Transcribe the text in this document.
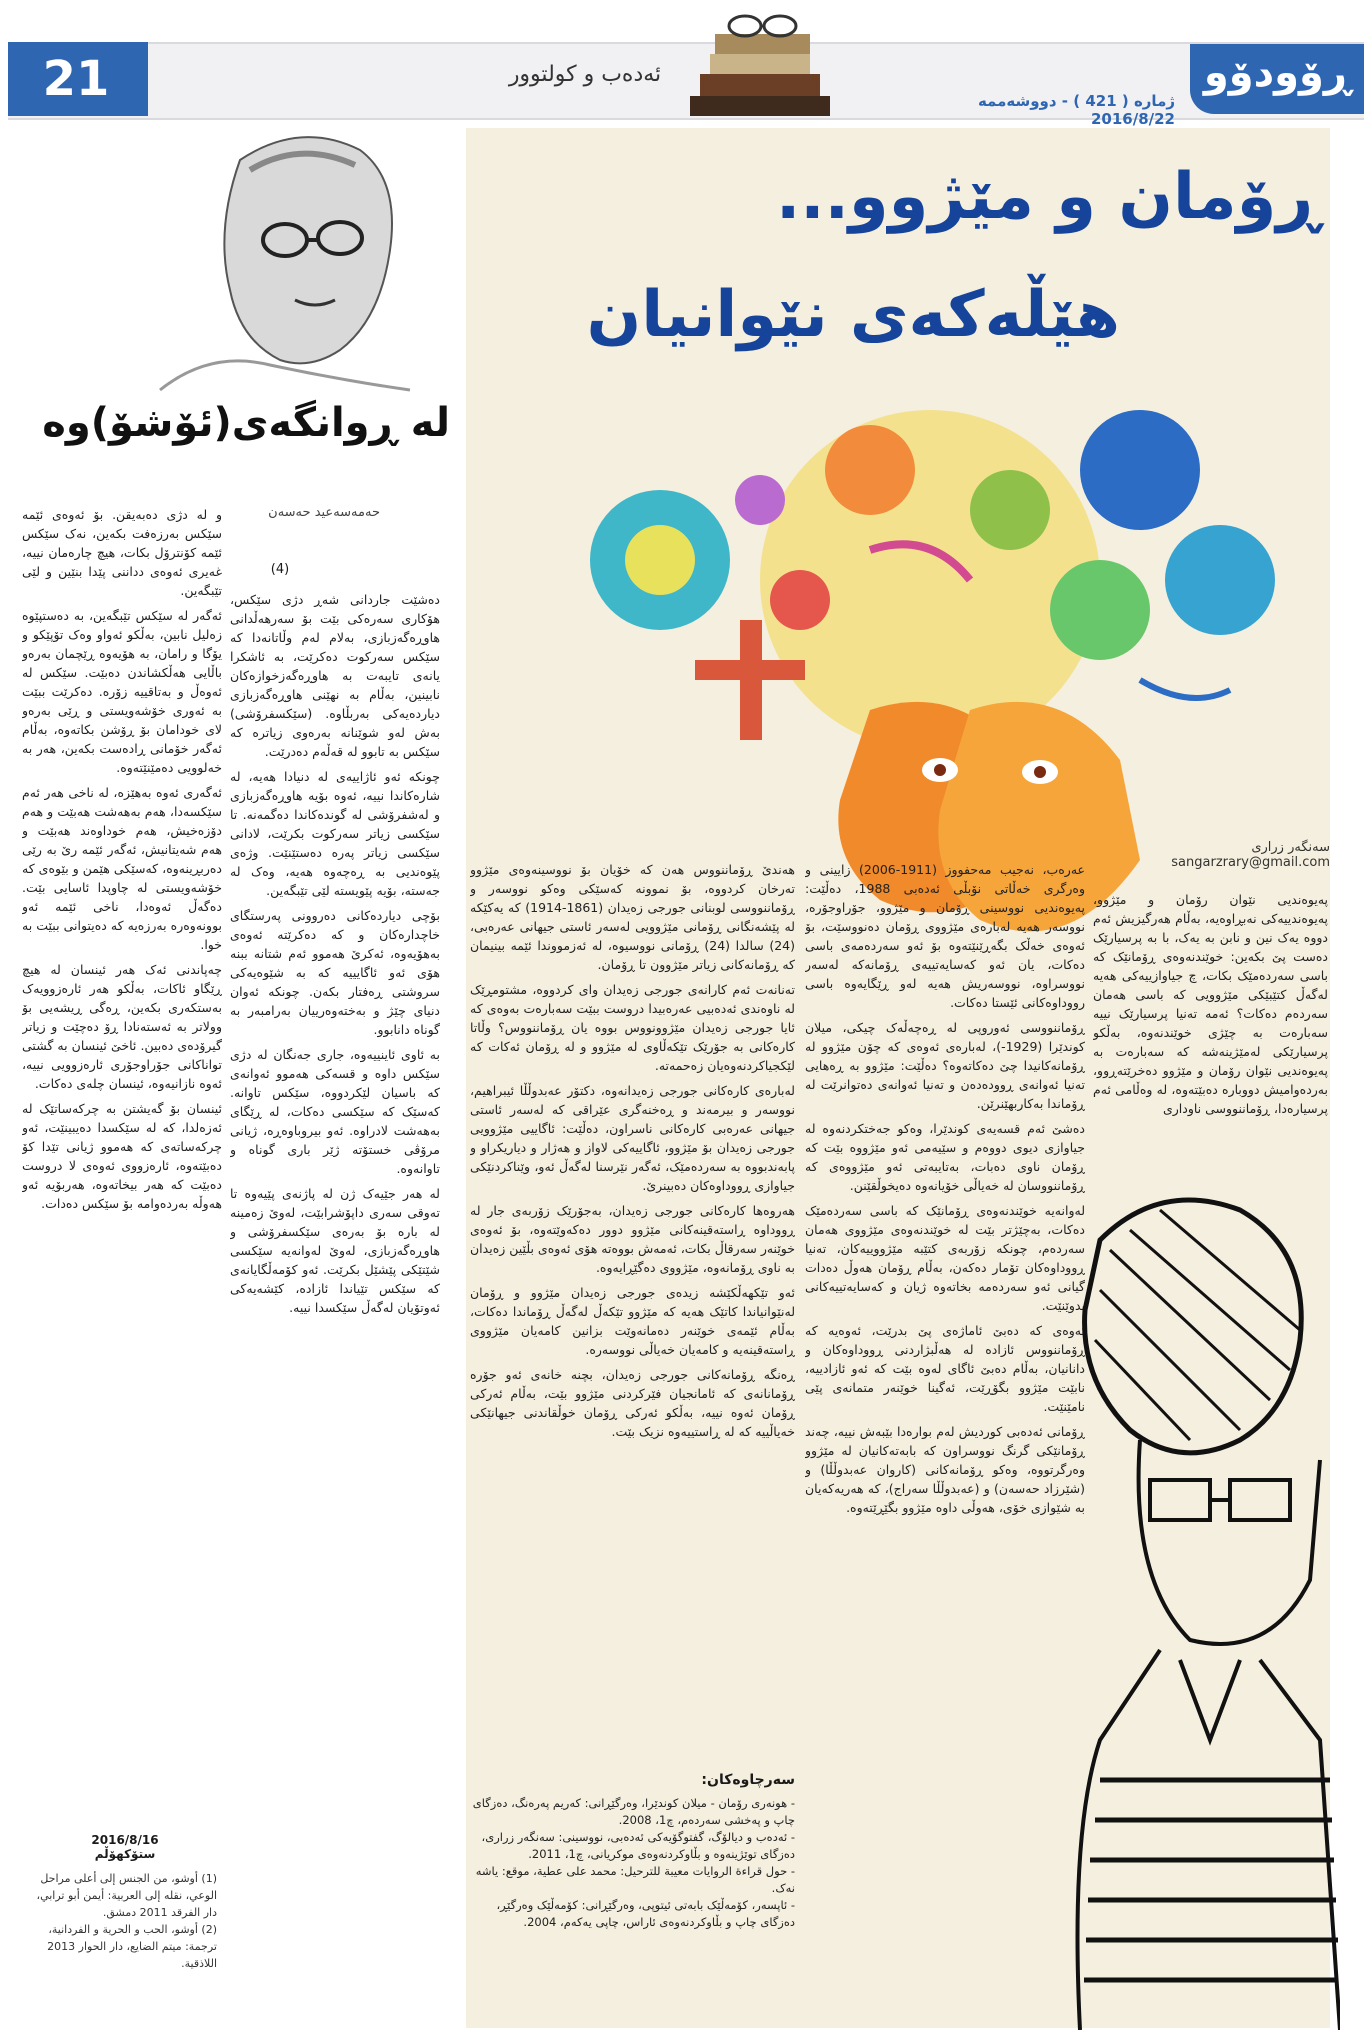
21	ئەدەب و کولتوور	ڕۆودۆو
ژمارە ( 421 ) - دووشەممە 2016/8/22
لە ڕوانگەی(ئۆشۆ)وە
حەمەسەعید حەسەن
(4)

و لە دژی دەبەیقن. بۆ ئەوەی ئێمە سێکس بەرزەفت بکەین، نەک سێکس ئێمە کۆنترۆل بکات، هیچ چارەمان نییە، غەیری ئەوەی دداننی پێدا بنێین و لێی تێبگەین.

ئەگەر لە سێکس تێبگەین، بە دەستپێوە زەلیل نابین، بەڵکو ئەواو وەک تۆپێکو و یۆگا و رامان، بە هۆیەوە ڕێچمان بەرەو باڵایی هەڵکشاندن دەبێت. سێکس لە ئەوەڵ و بەتاقییە زۆرە. دەکرێت ببێت بە ئەوری خۆشەویستی و ڕێی بەرەو لای خودامان بۆ ڕۆشن بکاتەوە، بەڵام ئەگەر خۆمانی ڕادەست بکەین، هەر بە خەلوویی دەمێنێتەوە.

ئەگەری ئەوە بەهێزە، لە ناخی هەر ئەم سێکسەدا، هەم بەهەشت هەبێت و هەم دۆزەخیش، هەم خوداوەند هەبێت و هەم شەیتانیش، ئەگەر ئێمە رێ بە رێی دەربڕینەوە، کەسێکی هێمن و بێوەی کە خۆشەویستی لە چاوپدا ئاسایی بێت. دەگەڵ ئەوەدا، ناخی ئێمە ئەو بوونەوەرە بەرزەیە کە دەیتوانی ببێت بە خوا.

چەپاندنی ئەک هەر ئینسان لە هیچ ڕێگاو ئاکات، بەڵکو هەر ئارەزوویەک بەستکەری بکەین، ڕەگی ڕیشەیی بۆ وولاتر بە ئەستەنادا ڕۆ دەچێت و زیاتر گیرۆدەی دەبین. ئاخێ ئینسان بە گشتی تواناکانی جۆراوجۆری ئارەزوویی نییە، ئەوە نازانیەوە، ئینسان چلەی دەکات.

ئینسان بۆ گەیشتن بە چرکەساتێک لە ئەزەلدا، کە لە سێکسدا دەیبینێت، ئەو چرکەساتەی کە هەموو ژیانی تێدا کۆ دەبێتەوە، ئارەزووی ئەوەی لا دروست دەبێت کە هەر بیخاتەوە، هەربۆیە ئەو هەوڵە بەردەوامە بۆ سێکس دەدات.

دەشێت جاردانی شەڕ دژی سێکس، هۆکاری سەرەکی بێت بۆ سەرهەڵدانی هاوڕەگەزبازی، بەلام لەم وڵاتانەدا کە سێکس سەرکوت دەکرێت، بە ئاشکرا یانەی تایبەت بە هاوڕەگەزخوازەکان نابینین، بەڵام بە نهێنی هاوڕەگەزبازی دیاردەیەکی بەربڵاوە. (سێکسفرۆشی) بەش لەو شوێنانە بەرەوی زیاترە کە سێکس بە تابوو لە قەڵەم دەدرێت.

چونکە ئەو ئاژاییەی لە دنیادا هەیە، لە شارەکاندا نییە، ئەوە بۆیە هاوڕەگەزبازی و لەشفرۆشی لە گوندەکاندا دەگمەنە. تا سێکسی زیاتر سەرکوت بکرێت، لادانی سێکسی زیاتر پەرە دەستێنێت. وژەی پێوەندیی بە ڕەچەوە هەیە، وەک لە جەستە، بۆیە پێویستە لێی تێبگەین.

بۆچی دیاردەکانی دەروونی پەرستگای خاچدارەکان و کە دەکرێتە ئەوەی بەهۆیەوە، ئەکرێ هەموو ئەم شتانە ببنە هۆی ئەو ئاگایییە کە بە شێوەیەکی سروشتی ڕەفتار بکەن. چونکە ئەوان دنیای چێژ و بەختەوەرییان بەرامبەر بە گوناه دانابوو.

بە ئاوی ئاینییەوە، جاری جەنگان لە دژی سێکس داوە و قسەکی هەموو ئەوانەی کە باسیان لێکردووە، سێکس تاوانە. کەسێک کە سێکسی دەکات، لە ڕێگای بەهەشت لادراوە. ئەو بیروباوەڕە، ژیانی مرۆڤی خستۆتە ژێر باری گوناه و تاوانەوە.

لە هەر جێیەک ژن لە پاژنەی پێیەوە تا تەوقی سەری داپۆشرابێت، لەوێ زەمینە لە بارە بۆ بەرەی سێکسفرۆشی و هاوڕەگەزبازی، لەوێ لەوانەیە سێکسی شێتێکی پێشێل بکرێت. ئەو کۆمەڵگایانەی کە سێکس تێیاندا ئازادە، کێشەیەکی ئەوتۆیان لەگەڵ سێکسدا نییە.

2016/8/16
ستۆکهۆڵم
(1) أوشو، من الجنس إلی أعلی مراحل الوعي، نقله إلی العربية: أيمن أبو ترابي، دار الفرقد 2011 دمشق.
(2) أوشو، الحب و الحرية و الفردانية، ترجمة: ميتم الضايع، دار الحوار 2013 اللاذقية.
ڕۆمان و مێژوو...
هێڵەکەی نێوانیان
سەنگەر زراری
sangarzrary@gmail.com

پەیوەندیی نێوان رۆمان و مێژوو، پەیوەندییەکی نەبڕاوەیە، بەڵام هەرگیزیش ئەم دووە یەک نین و نابن بە یەک، با بە پرسیارێک دەست پێ بکەین: خوێندنەوەی ڕۆمانێک کە باسی سەردەمێک بکات، چ جیاوازییەکی هەیە لەگەڵ کتێبێکی مێژوویی کە باسی هەمان سەردەم دەکات؟ ئەمە تەنیا پرسیارێک نییە سەبارەت بە چێژی خوێندنەوە، بەڵکو پرسیارێکی لەمێژینەشە کە سەبارەت بە پەیوەندیی نێوان رۆمان و مێژوو دەخرێتەڕوو، بەردەوامیش دووبارە دەبێتەوە، لە وەڵامی ئەم پرسیارەدا، ڕۆماننووسی ناوداری

عەرەب، نەجیب مەحفووز (1911-2006) زایینی و وەرگری خەڵاتی نۆبڵی ئەدەبی 1988، دەڵێت: پەیوەندیی نووسینی ڕۆمان و مێژوو، جۆراوجۆرە، نووسەر هەیە لەبارەی مێژووی ڕۆمان دەنووسێت، بۆ ئەوەی خەڵک بگەڕێنێتەوە بۆ ئەو سەردەمەی باسی دەکات، یان ئەو کەسایەتییەی ڕۆمانەکە لەسەر نووسراوە، نووسەریش هەیە لەو ڕێگایەوە باسی رووداوەکانی ئێستا دەکات.

ڕۆماننووسی ئەوروپی لە ڕەچەڵەک چیکی، میلان کوندێرا (1929-)، لەبارەی ئەوەی کە چۆن مێژوو لە ڕۆمانەکانیدا چێ دەکاتەوە؟ دەڵێت: مێژوو بە ڕەهایی تەنیا ئەوانەی ڕوودەدەن و تەنیا ئەوانەی دەتوانرێت لە ڕۆماندا بەکاربهێنرێن.

دەشێ ئەم قسەیەی کوندێرا، وەکو جەختکردنەوە لە جیاوازی دیوی دووەم و سێیەمی ئەو مێژووە بێت کە ڕۆمان ناوی دەبات، بەتایبەتی ئەو مێژووەی کە ڕۆماننووسان لە خەیاڵی خۆیانەوە دەیخوڵقێنن.

لەوانەیە خوێندنەوەی ڕۆمانێک کە باسی سەردەمێک دەکات، بەچێژتر بێت لە خوێندنەوەی مێژووی هەمان سەردەم، چونکە زۆربەی کتێبە مێژووییەکان، تەنیا ڕووداوەکان تۆمار دەکەن، بەڵام ڕۆمان هەوڵ دەدات گیانی ئەو سەردەمە بخاتەوە ژیان و کەسایەتییەکانی بدوێنێت.

ئەوەی کە دەبێ ئاماژەی پێ بدرێت، ئەوەیە کە ڕۆماننووس ئازادە لە هەڵبژاردنی ڕووداوەکان و دانانیان، بەڵام دەبێ ئاگای لەوە بێت کە ئەو ئازادییە، نابێت مێژوو بگۆڕێت، ئەگینا خوێنەر متمانەی پێی نامێنێت.

ڕۆمانی ئەدەبی کوردیش لەم بوارەدا بێبەش نییە، چەند ڕۆمانێکی گرنگ نووسراون کە بابەتەکانیان لە مێژوو وەرگرتووە، وەکو ڕۆمانەکانی (کاروان عەبدوڵڵا) و (شێرزاد حەسەن) و (عەبدوڵڵا سەراج)، کە هەریەکەیان بە شێوازی خۆی، هەوڵی داوە مێژوو بگێڕێتەوە.

هەندێ ڕۆماننووس هەن کە خۆیان بۆ نووسینەوەی مێژوو تەرخان کردووە، بۆ نموونە کەسێکی وەکو نووسەر و ڕۆماننووسی لوبنانی جورجی زەیدان (1861-1914) کە یەکێکە لە پێشەنگانی ڕۆمانی مێژوویی لەسەر ئاستی جیهانی عەرەبی، (24) سالدا (24) ڕۆمانی نووسیوە، لە ئەزمووندا ئێمە بینیمان کە ڕۆمانەکانی زیاتر مێژوون تا ڕۆمان.

تەنانەت ئەم کارانەی جورجی زەیدان وای کردووە، مشتومڕێک لە ناوەندی ئەدەبیی عەرەبیدا دروست ببێت سەبارەت بەوەی کە ئایا جورجی زەیدان مێژوونووس بووە یان ڕۆماننووس؟ وڵاتا کارەکانی بە جۆرێک تێکەڵاوی لە مێژوو و لە ڕۆمان ئەکات کە لێکجیاکردنەوەیان زەحمەتە.

لەبارەی کارەکانی جورجی زەیدانەوە، دکتۆر عەبدوڵڵا ئیبراهیم، نووسەر و بیرمەند و ڕەخنەگری عێراقی کە لەسەر ئاستی جیهانی عەرەبی کارەکانی ناسراون، دەڵێت: ئاگاییی مێژوویی جورجی زەیدان بۆ مێژوو، ئاگاییەکی لاواز و هەژار و دیاریکراو و پابەندبووە بە سەردەمێک، ئەگەر نێرسنا لەگەڵ ئەو، وێناکردنێکی جیاوازی ڕووداوەکان دەبینرێ.

هەروەها کارەکانی جورجی زەیدان، بەجۆرێک زۆربەی جار لە ڕووداوە ڕاستەقینەکانی مێژوو دوور دەکەوێتەوە، بۆ ئەوەی خوێنەر سەرقاڵ بکات، ئەمەش بووەتە هۆی ئەوەی بڵێین زەیدان بە ناوی ڕۆمانەوە، مێژووی دەگێڕایەوە.

ئەو تێکهەڵکێشە زیدەی جورجی زەیدان مێژوو و ڕۆمان لەنێوانیاندا کاتێک هەیە کە مێژوو تێکەڵ لەگەڵ ڕۆماندا دەکات، بەڵام ئێمەی خوێنەر دەمانەوێت بزانین کامەیان مێژووی ڕاستەقینەیە و کامەیان خەیاڵی نووسەرە.

ڕەنگە ڕۆمانەکانی جورجی زەیدان، بچنە خانەی ئەو جۆرە ڕۆمانانەی کە ئامانجیان فێرکردنی مێژوو بێت، بەڵام ئەرکی ڕۆمان ئەوە نییە، بەڵکو ئەرکی ڕۆمان خوڵقاندنی جیهانێکی خەیاڵییە کە لە ڕاستییەوە نزیک بێت.

سەرچاوەکان:
- هونەری رۆمان - میلان کوندێرا، وەرگێڕانی: کەریم پەرەنگ، دەزگای چاپ و پەخشی سەردەم، چ1، 2008.
- ئەدەب و دیالۆگ، گفتوگۆیەکی ئەدەبی، نووسینی: سەنگەر زراری، دەزگای توێژینەوە و بڵاوکردنەوەی موکریانی، چ1، 2011.
- حول قراءة الروایات معیبة للترحیل: محمد علی عطیة، موقع: یاشە نەک.
- ئاپسەر، کۆمەڵێک بابەتی ئیتوپی، وەرگێڕانی: کۆمەڵێک وەرگێڕ، دەزگای چاپ و بڵاوکردنەوەی ئاراس، چاپی یەکەم، 2004.
